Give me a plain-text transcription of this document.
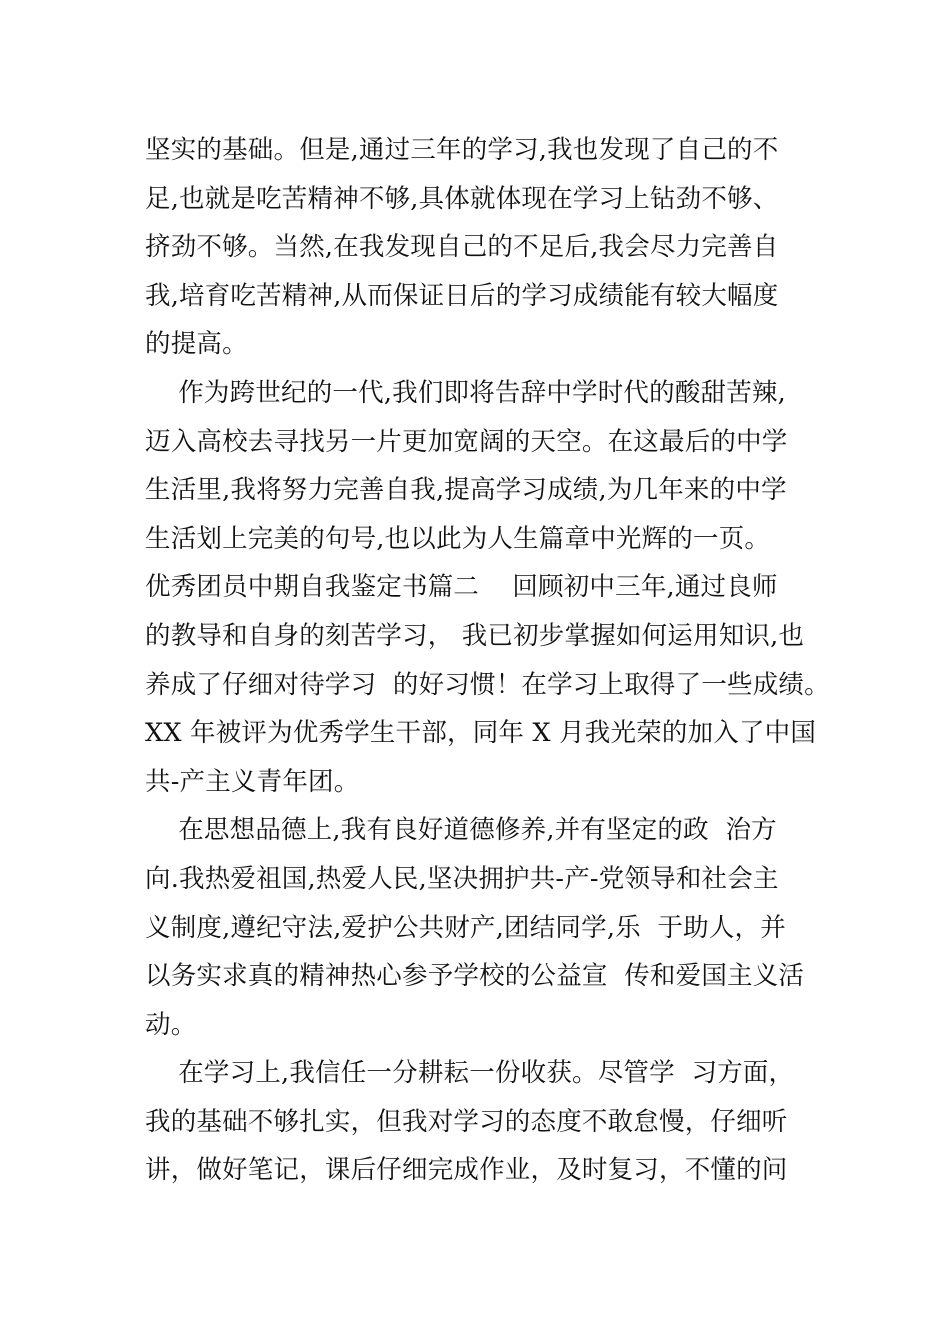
坚实的基础。但是,通过三年的学习,我也发现了自己的不
足,也就是吃苦精神不够,具体就体现在学习上钻劲不够、
挤劲不够。当然,在我发现自己的不足后,我会尽力完善自
我,培育吃苦精神,从而保证日后的学习成绩能有较大幅度
的提高。
作为跨世纪的一代,我们即将告辞中学时代的酸甜苦辣,
迈入高校去寻找另一片更加宽阔的天空。在这最后的中学
生活里,我将努力完善自我,提高学习成绩,为几年来的中学
生活划上完美的句号,也以此为人生篇章中光辉的一页。
优秀团员中期自我鉴定书篇二    回顾初中三年,通过良师
的教导和自身的刻苦学习， 我已初步掌握如何运用知识,也
养成了仔细对待学习  的好习惯！在学习上取得了一些成绩。
XX 年被评为优秀学生干部，同年 X 月我光荣的加入了中国
共-产主义青年团。
在思想品德上,我有良好道德修养,并有坚定的政  治方
向.我热爱祖国,热爱人民,坚决拥护共-产-党领导和社会主
义制度,遵纪守法,爱护公共财产,团结同学,乐  于助人，并
以务实求真的精神热心参予学校的公益宣  传和爱国主义活
动。
在学习上,我信任一分耕耘一份收获。尽管学  习方面，
我的基础不够扎实，但我对学习的态度不敢怠慢，仔细听
讲，做好笔记，课后仔细完成作业，及时复习，不懂的问
